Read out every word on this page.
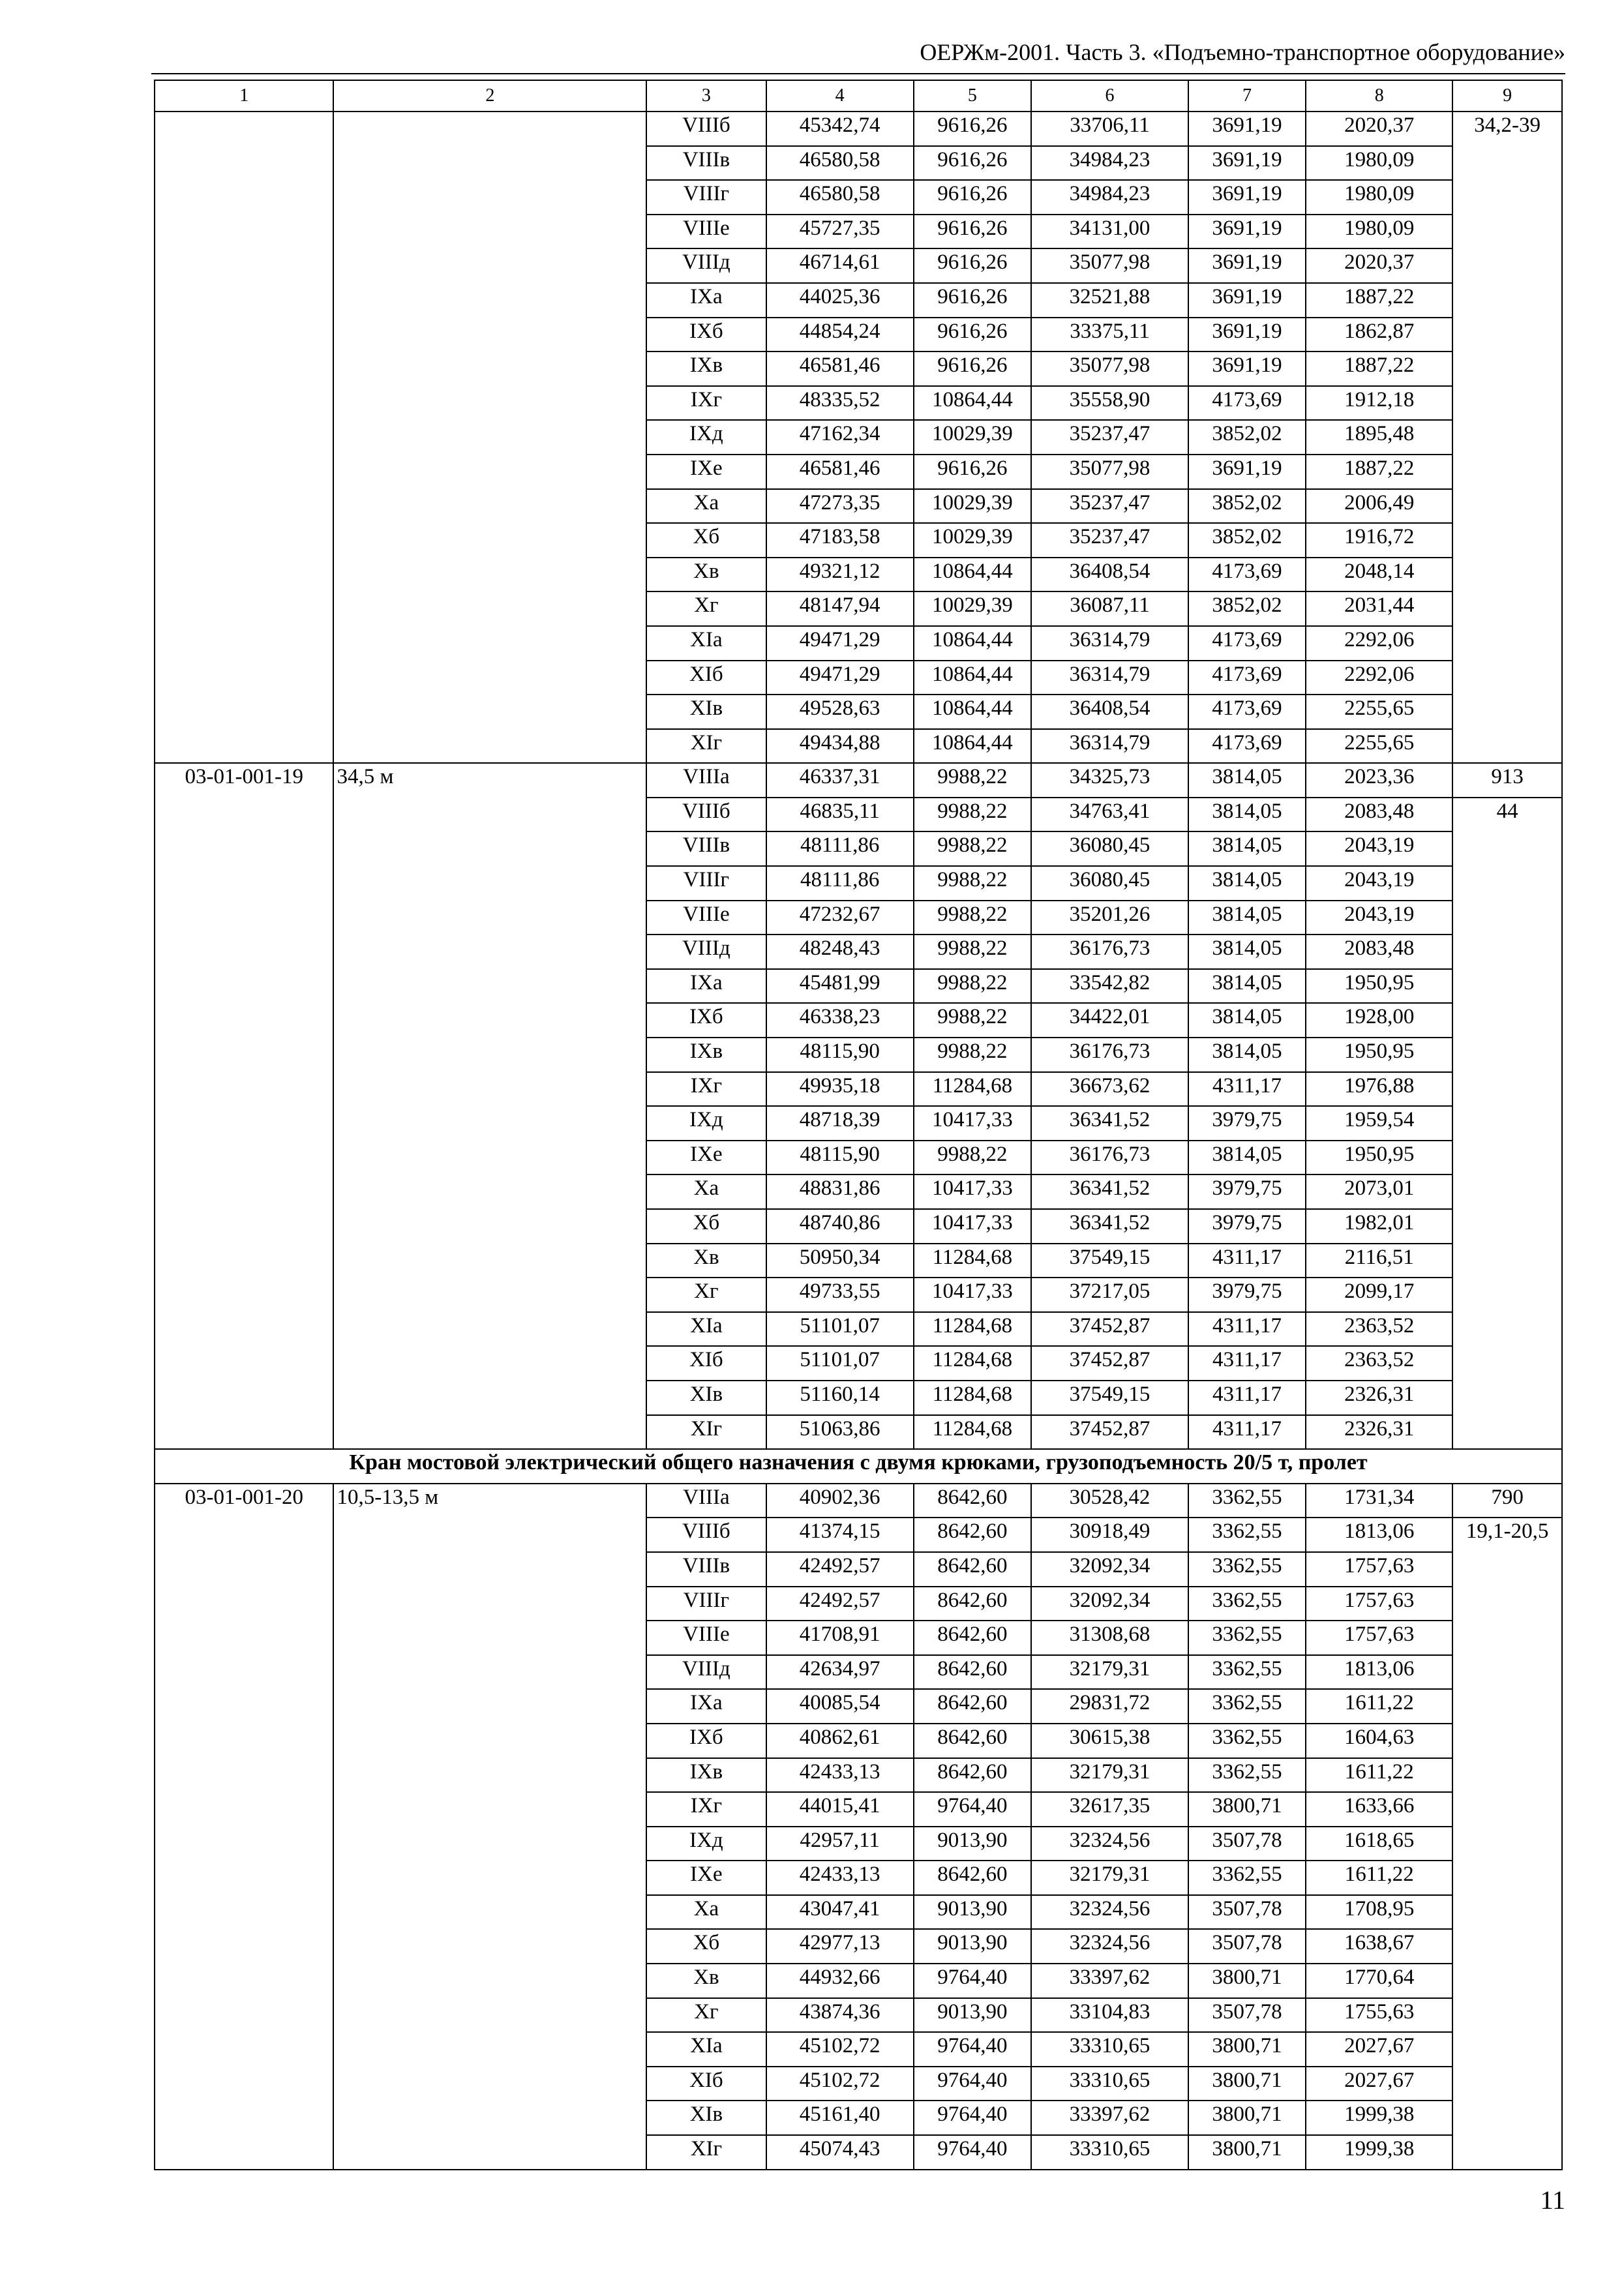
ОЕРЖм-2001. Часть 3. «Подъемно-транспортное оборудование»
1	2	3	4	5	6	7	8	9
		VIIIб	45342,74	9616,26	33706,11	3691,19	2020,37	34,2-39
		VIIIв	46580,58	9616,26	34984,23	3691,19	1980,09	
		VIIIг	46580,58	9616,26	34984,23	3691,19	1980,09	
		VIIIе	45727,35	9616,26	34131,00	3691,19	1980,09	
		VIIIд	46714,61	9616,26	35077,98	3691,19	2020,37	
		IXа	44025,36	9616,26	32521,88	3691,19	1887,22	
		IXб	44854,24	9616,26	33375,11	3691,19	1862,87	
		IXв	46581,46	9616,26	35077,98	3691,19	1887,22	
		IXг	48335,52	10864,44	35558,90	4173,69	1912,18	
		IXд	47162,34	10029,39	35237,47	3852,02	1895,48	
		IXе	46581,46	9616,26	35077,98	3691,19	1887,22	
		Xа	47273,35	10029,39	35237,47	3852,02	2006,49	
		Xб	47183,58	10029,39	35237,47	3852,02	1916,72	
		Xв	49321,12	10864,44	36408,54	4173,69	2048,14	
		Xг	48147,94	10029,39	36087,11	3852,02	2031,44	
		XIа	49471,29	10864,44	36314,79	4173,69	2292,06	
		XIб	49471,29	10864,44	36314,79	4173,69	2292,06	
		XIв	49528,63	10864,44	36408,54	4173,69	2255,65	
		XIг	49434,88	10864,44	36314,79	4173,69	2255,65	
03-01-001-19	34,5 м	VIIIа	46337,31	9988,22	34325,73	3814,05	2023,36	913
		VIIIб	46835,11	9988,22	34763,41	3814,05	2083,48	44
		VIIIв	48111,86	9988,22	36080,45	3814,05	2043,19	
		VIIIг	48111,86	9988,22	36080,45	3814,05	2043,19	
		VIIIе	47232,67	9988,22	35201,26	3814,05	2043,19	
		VIIIд	48248,43	9988,22	36176,73	3814,05	2083,48	
		IXа	45481,99	9988,22	33542,82	3814,05	1950,95	
		IXб	46338,23	9988,22	34422,01	3814,05	1928,00	
		IXв	48115,90	9988,22	36176,73	3814,05	1950,95	
		IXг	49935,18	11284,68	36673,62	4311,17	1976,88	
		IXд	48718,39	10417,33	36341,52	3979,75	1959,54	
		IXе	48115,90	9988,22	36176,73	3814,05	1950,95	
		Xа	48831,86	10417,33	36341,52	3979,75	2073,01	
		Xб	48740,86	10417,33	36341,52	3979,75	1982,01	
		Xв	50950,34	11284,68	37549,15	4311,17	2116,51	
		Xг	49733,55	10417,33	37217,05	3979,75	2099,17	
		XIа	51101,07	11284,68	37452,87	4311,17	2363,52	
		XIб	51101,07	11284,68	37452,87	4311,17	2363,52	
		XIв	51160,14	11284,68	37549,15	4311,17	2326,31	
		XIг	51063,86	11284,68	37452,87	4311,17	2326,31	
Кран мостовой электрический общего назначения с двумя крюками, грузоподъемность 20/5 т, пролет								
03-01-001-20	10,5-13,5 м	VIIIа	40902,36	8642,60	30528,42	3362,55	1731,34	790
		VIIIб	41374,15	8642,60	30918,49	3362,55	1813,06	19,1-20,5
		VIIIв	42492,57	8642,60	32092,34	3362,55	1757,63	
		VIIIг	42492,57	8642,60	32092,34	3362,55	1757,63	
		VIIIе	41708,91	8642,60	31308,68	3362,55	1757,63	
		VIIIд	42634,97	8642,60	32179,31	3362,55	1813,06	
		IXа	40085,54	8642,60	29831,72	3362,55	1611,22	
		IXб	40862,61	8642,60	30615,38	3362,55	1604,63	
		IXв	42433,13	8642,60	32179,31	3362,55	1611,22	
		IXг	44015,41	9764,40	32617,35	3800,71	1633,66	
		IXд	42957,11	9013,90	32324,56	3507,78	1618,65	
		IXе	42433,13	8642,60	32179,31	3362,55	1611,22	
		Xа	43047,41	9013,90	32324,56	3507,78	1708,95	
		Xб	42977,13	9013,90	32324,56	3507,78	1638,67	
		Xв	44932,66	9764,40	33397,62	3800,71	1770,64	
		Xг	43874,36	9013,90	33104,83	3507,78	1755,63	
		XIа	45102,72	9764,40	33310,65	3800,71	2027,67	
		XIб	45102,72	9764,40	33310,65	3800,71	2027,67	
		XIв	45161,40	9764,40	33397,62	3800,71	1999,38	
		XIг	45074,43	9764,40	33310,65	3800,71	1999,38	
11
